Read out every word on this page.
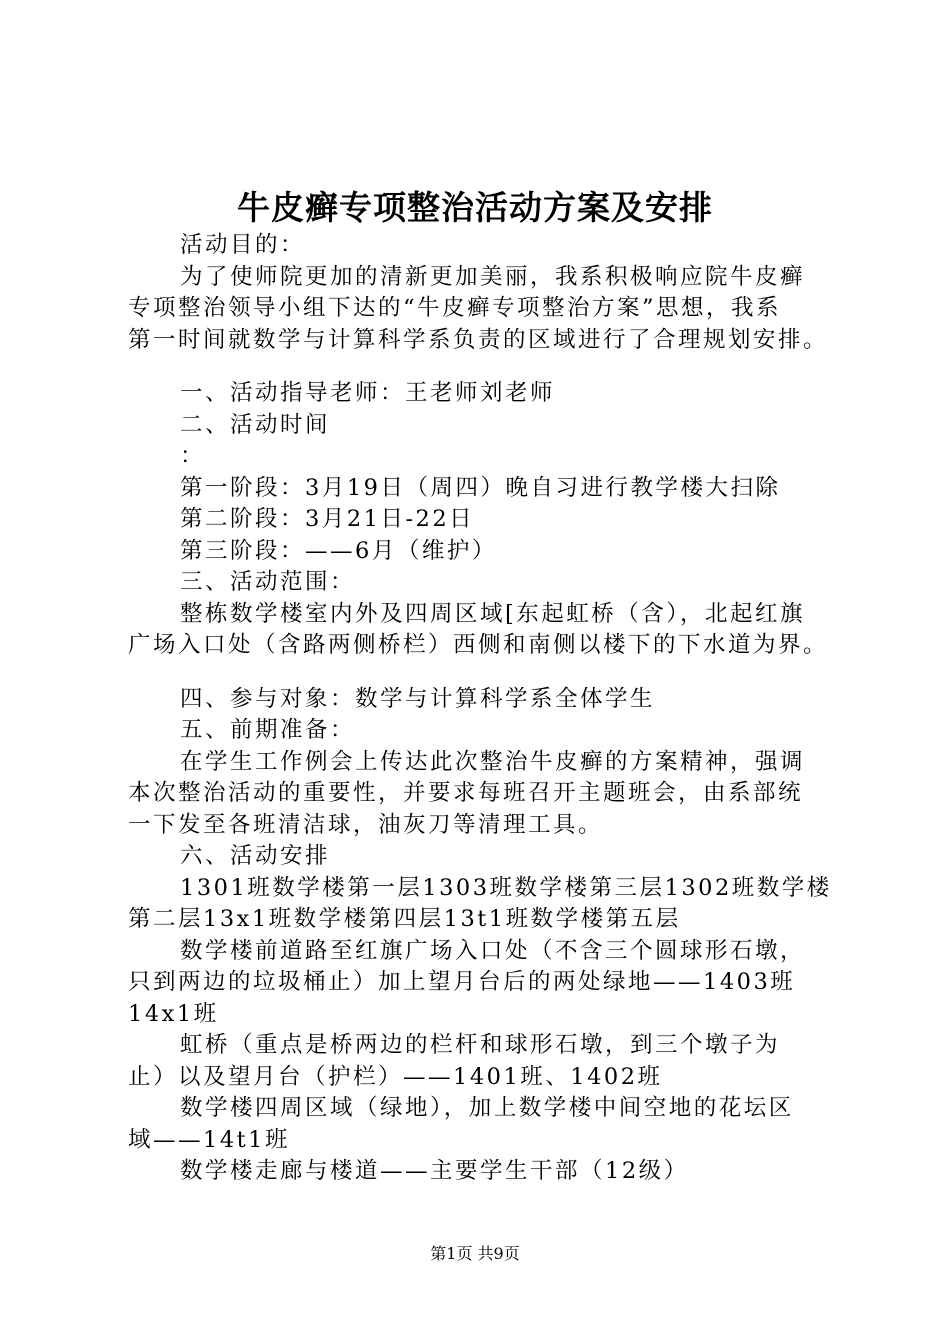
牛皮癣专项整治活动方案及安排
活动目的：
为了使师院更加的清新更加美丽，我系积极响应院牛皮癣
专项整治领导小组下达的“牛皮癣专项整治方案”思想，我系
第一时间就数学与计算科学系负责的区域进行了合理规划安排。
一、活动指导老师：王老师刘老师
二、活动时间
：
第一阶段：3月19日（周四）晚自习进行教学楼大扫除
第二阶段：3月21日-22日
第三阶段：——6月（维护）
三、活动范围：
整栋数学楼室内外及四周区域[东起虹桥（含），北起红旗
广场入口处（含路两侧桥栏）西侧和南侧以楼下的下水道为界。
四、参与对象：数学与计算科学系全体学生
五、前期准备：
在学生工作例会上传达此次整治牛皮癣的方案精神，强调
本次整治活动的重要性，并要求每班召开主题班会，由系部统
一下发至各班清洁球，油灰刀等清理工具。
六、活动安排
1301班数学楼第一层1303班数学楼第三层1302班数学楼
第二层13x1班数学楼第四层13t1班数学楼第五层
数学楼前道路至红旗广场入口处（不含三个圆球形石墩，
只到两边的垃圾桶止）加上望月台后的两处绿地——1403班
14x1班
虹桥（重点是桥两边的栏杆和球形石墩，到三个墩子为
止）以及望月台（护栏）——1401班、1402班
数学楼四周区域（绿地），加上数学楼中间空地的花坛区
域——14t1班
数学楼走廊与楼道——主要学生干部（12级）
第1页 共9页
